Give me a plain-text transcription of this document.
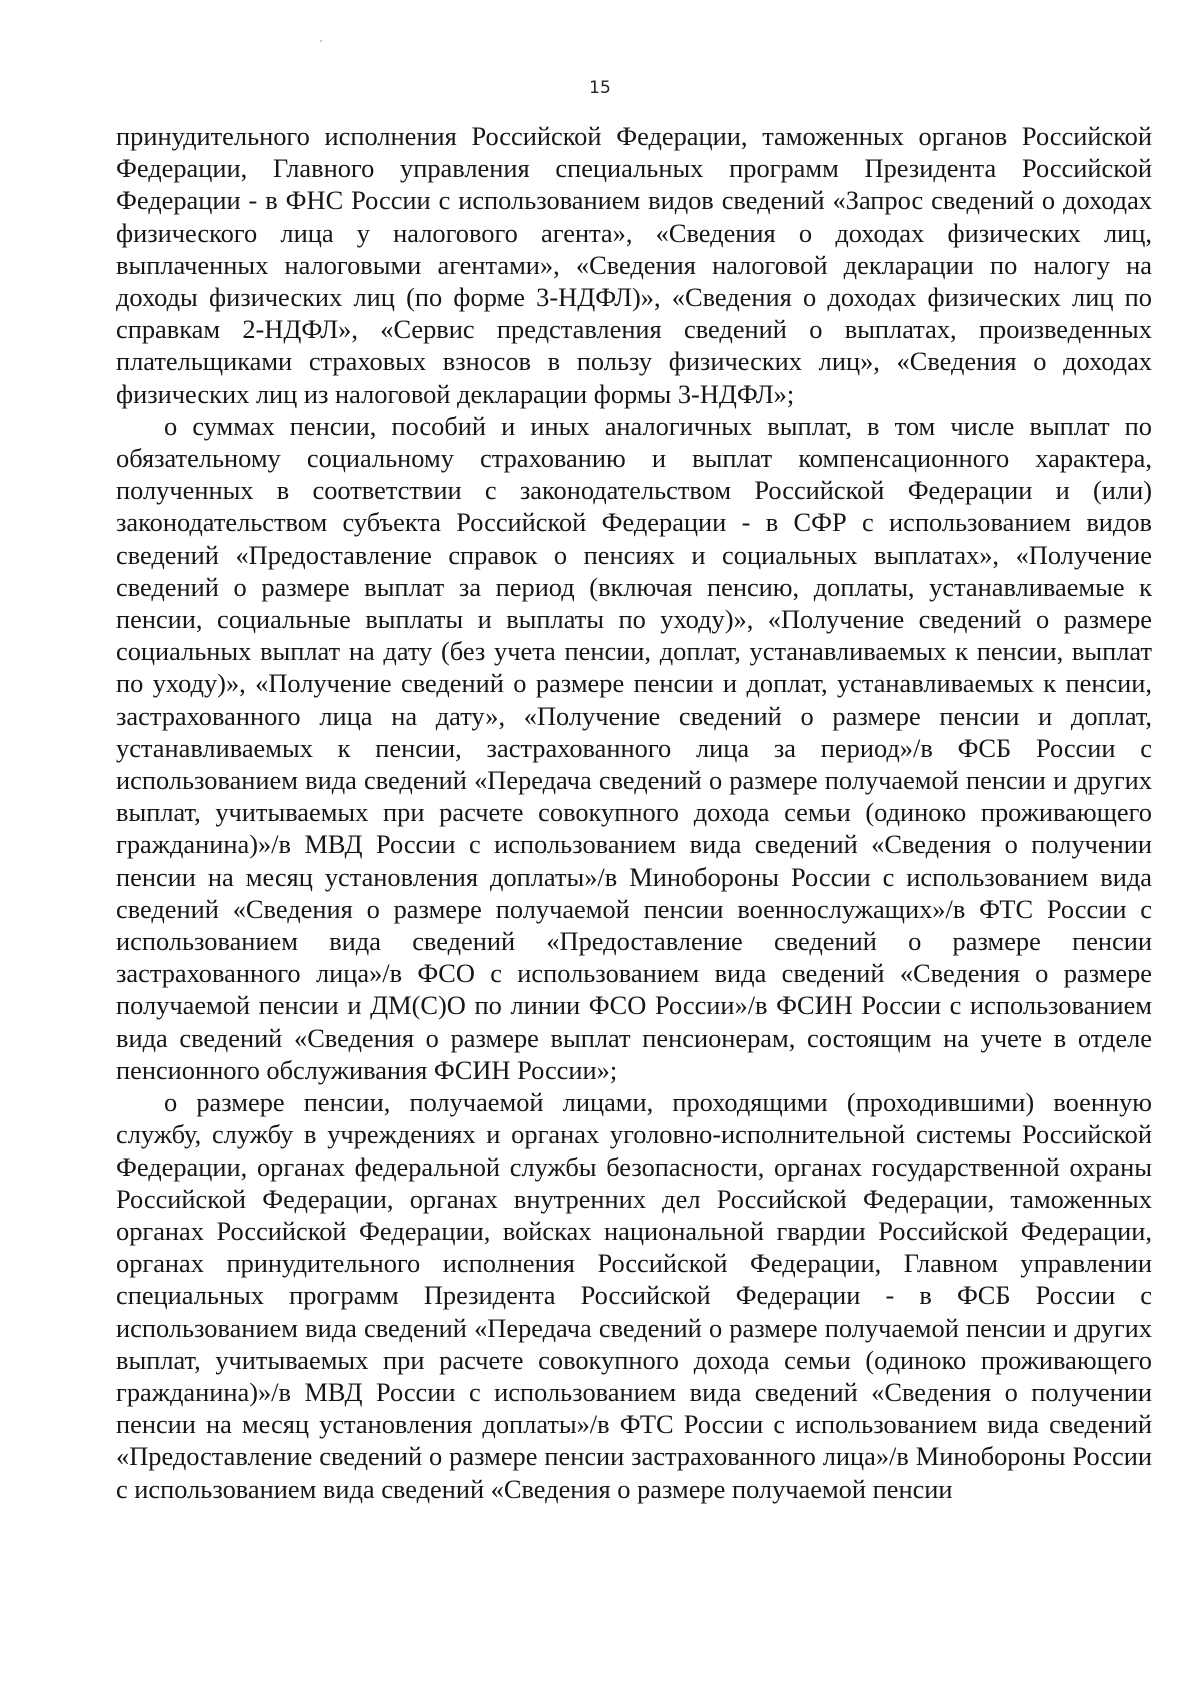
15

принудительного исполнения Российской Федерации, таможенных органов Российской Федерации, Главного управления специальных программ Президента Российской Федерации - в ФНС России с использованием видов сведений «Запрос сведений о доходах физического лица у налогового агента», «Сведения о доходах физических лиц, выплаченных налоговыми агентами», «Сведения налоговой декларации по налогу на доходы физических лиц (по форме 3-НДФЛ)», «Сведения о доходах физических лиц по справкам 2-НДФЛ», «Сервис представления сведений о выплатах, произведенных плательщиками страховых взносов в пользу физических лиц», «Сведения о доходах физических лиц из налоговой декларации формы 3-НДФЛ»;

о суммах пенсии, пособий и иных аналогичных выплат, в том числе выплат по обязательному социальному страхованию и выплат компенсационного характера, полученных в соответствии с законодательством Российской Федерации и (или) законодательством субъекта Российской Федерации - в СФР с использованием видов сведений «Предоставление справок о пенсиях и социальных выплатах», «Получение сведений о размере выплат за период (включая пенсию, доплаты, устанавливаемые к пенсии, социальные выплаты и выплаты по уходу)», «Получение сведений о размере социальных выплат на дату (без учета пенсии, доплат, устанавливаемых к пенсии, выплат по уходу)», «Получение сведений о размере пенсии и доплат, устанавливаемых к пенсии, застрахованного лица на дату», «Получение сведений о размере пенсии и доплат, устанавливаемых к пенсии, застрахованного лица за период»/в ФСБ России с использованием вида сведений «Передача сведений о размере получаемой пенсии и других выплат, учитываемых при расчете совокупного дохода семьи (одиноко проживающего гражданина)»/в МВД России с использованием вида сведений «Сведения о получении пенсии на месяц установления доплаты»/в Минобороны России с использованием вида сведений «Сведения о размере получаемой пенсии военнослужащих»/в ФТС России с использованием вида сведений «Предоставление сведений о размере пенсии застрахованного лица»/в ФСО с использованием вида сведений «Сведения о размере получаемой пенсии и ДМ(С)О по линии ФСО России»/в ФСИН России с использованием вида сведений «Сведения о размере выплат пенсионерам, состоящим на учете в отделе пенсионного обслуживания ФСИН России»;

о размере пенсии, получаемой лицами, проходящими (проходившими) военную службу, службу в учреждениях и органах уголовно-исполнительной системы Российской Федерации, органах федеральной службы безопасности, органах государственной охраны Российской Федерации, органах внутренних дел Российской Федерации, таможенных органах Российской Федерации, войсках национальной гвардии Российской Федерации, органах принудительного исполнения Российской Федерации, Главном управлении специальных программ Президента Российской Федерации - в ФСБ России с использованием вида сведений «Передача сведений о размере получаемой пенсии и других выплат, учитываемых при расчете совокупного дохода семьи (одиноко проживающего гражданина)»/в МВД России с использованием вида сведений «Сведения о получении пенсии на месяц установления доплаты»/в ФТС России с использованием вида сведений «Предоставление сведений о размере пенсии застрахованного лица»/в Минобороны России с использованием вида сведений «Сведения о размере получаемой пенсии
